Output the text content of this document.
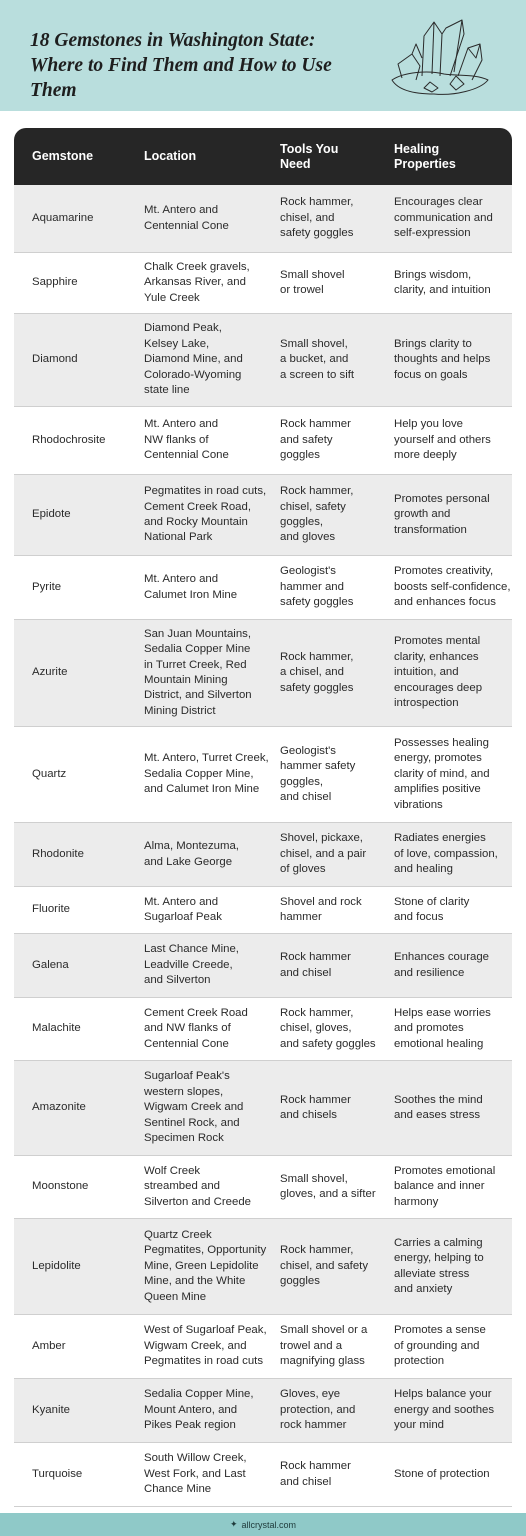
18 Gemstones in Washington State: Where to Find Them and How to Use Them
Gemstone	Location
Tools You
Need
Healing
Properties
Aquamarine
Mt. Antero and
Centennial Cone
Rock hammer,
chisel, and
safety goggles
Encourages clear
communication and
self-expression
Sapphire
Chalk Creek gravels,
Arkansas River, and
Yule Creek
Small shovel
or trowel
Brings wisdom,
clarity, and intuition
Diamond
Diamond Peak,
Kelsey Lake,
Diamond Mine, and
Colorado-Wyoming
state line
Small shovel,
a bucket, and
a screen to sift
Brings clarity to
thoughts and helps
focus on goals
Rhodochrosite
Mt. Antero and
NW flanks of
Centennial Cone
Rock hammer
and safety
goggles
Help you love
yourself and others
more deeply
Epidote
Pegmatites in road cuts,
Cement Creek Road,
and Rocky Mountain
National Park
Rock hammer,
chisel, safety
goggles,
and gloves
Promotes personal
growth and
transformation
Pyrite
Mt. Antero and
Calumet Iron Mine
Geologist's
hammer and
safety goggles
Promotes creativity,
boosts self-confidence,
and enhances focus
Azurite
San Juan Mountains,
Sedalia Copper Mine
in Turret Creek, Red
Mountain Mining
District, and Silverton
Mining District
Rock hammer,
a chisel, and
safety goggles
Promotes mental
clarity, enhances
intuition, and
encourages deep
introspection
Quartz
Mt. Antero, Turret Creek,
Sedalia Copper Mine,
and Calumet Iron Mine
Geologist's
hammer safety
goggles,
and chisel
Possesses healing
energy, promotes
clarity of mind, and
amplifies positive
vibrations
Rhodonite
Alma, Montezuma,
and Lake George
Shovel, pickaxe,
chisel, and a pair
of gloves
Radiates energies
of love, compassion,
and healing
Fluorite
Mt. Antero and
Sugarloaf Peak
Shovel and rock
hammer
Stone of clarity
and focus
Galena
Last Chance Mine,
Leadville Creede,
and Silverton
Rock hammer
and chisel
Enhances courage
and resilience
Malachite
Cement Creek Road
and NW flanks of
Centennial Cone
Rock hammer,
chisel, gloves,
and safety goggles
Helps ease worries
and promotes
emotional healing
Amazonite
Sugarloaf Peak's
western slopes,
Wigwam Creek and
Sentinel Rock, and
Specimen Rock
Rock hammer
and chisels
Soothes the mind
and eases stress
Moonstone
Wolf Creek
streambed and
Silverton and Creede
Small shovel,
gloves, and a sifter
Promotes emotional
balance and inner
harmony
Lepidolite
Quartz Creek
Pegmatites, Opportunity
Mine, Green Lepidolite
Mine, and the White
Queen Mine
Rock hammer,
chisel, and safety
goggles
Carries a calming
energy, helping to
alleviate stress
and anxiety
Amber
West of Sugarloaf Peak,
Wigwam Creek, and
Pegmatites in road cuts
Small shovel or a
trowel and a
magnifying glass
Promotes a sense
of grounding and
protection
Kyanite
Sedalia Copper Mine,
Mount Antero, and
Pikes Peak region
Gloves, eye
protection, and
rock hammer
Helps balance your
energy and soothes
your mind
Turquoise
South Willow Creek,
West Fork, and Last
Chance Mine
Rock hammer
and chisel
Stone of protection
✦ allcrystal.com
